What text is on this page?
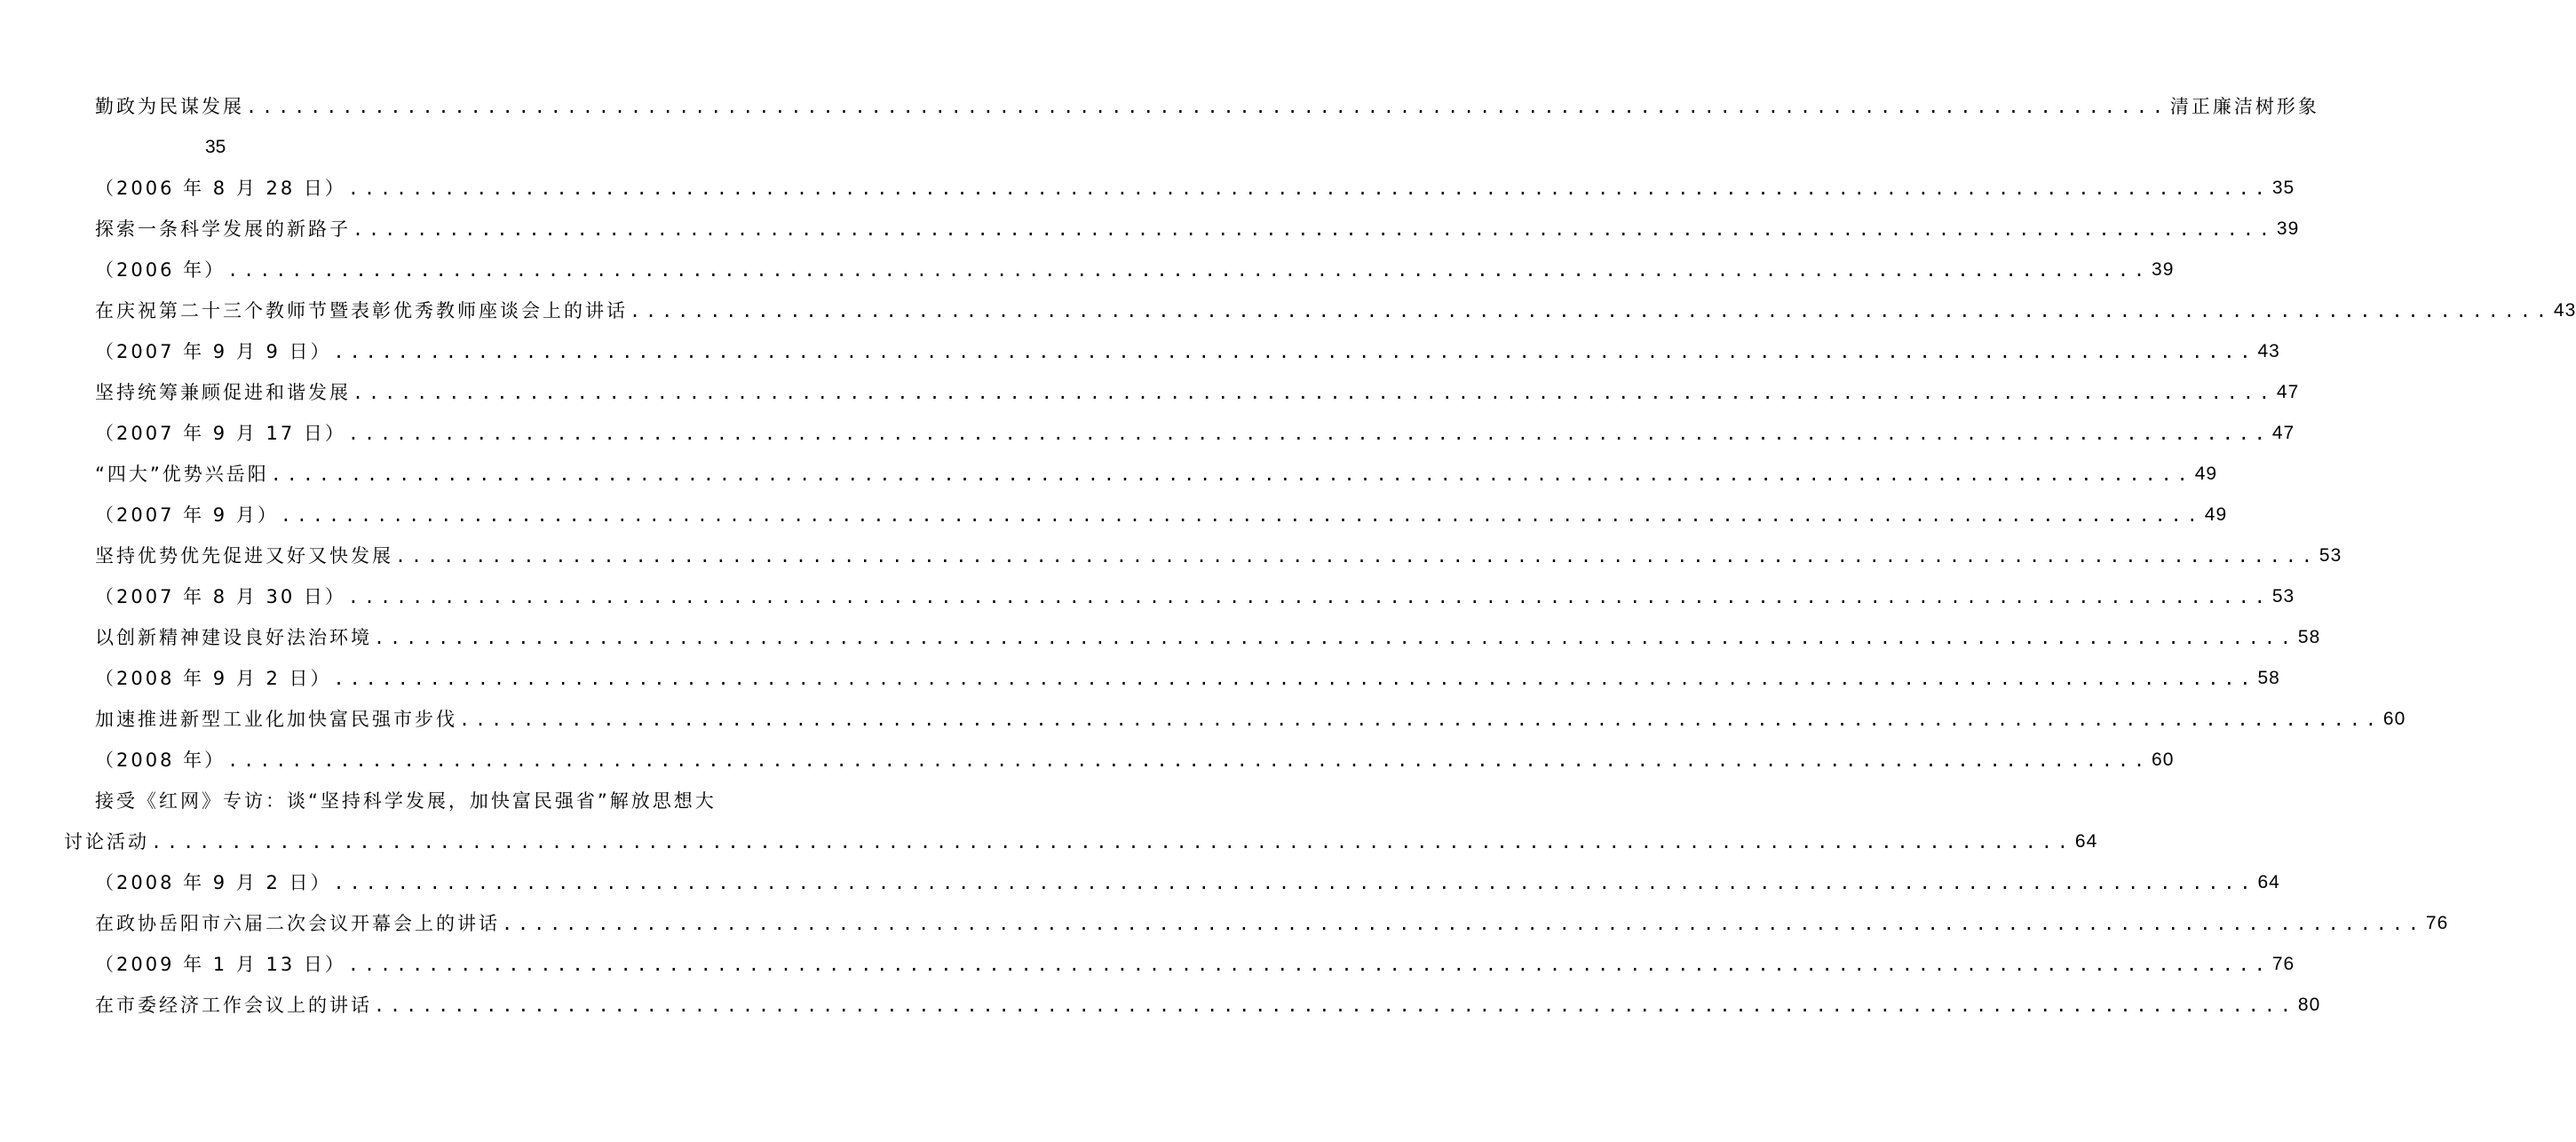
勤政为民谋发展 ........................................................................................................................ 清正廉洁树形象
35
（2006 年 8 月 28 日） ........................................................................................................................ 35
探索一条科学发展的新路子 ........................................................................................................................ 39
（2006 年） ........................................................................................................................ 39
在庆祝第二十三个教师节暨表彰优秀教师座谈会上的讲话 ........................................................................................................................ 43
（2007 年 9 月 9 日） ........................................................................................................................ 43
坚持统筹兼顾促进和谐发展 ........................................................................................................................ 47
（2007 年 9 月 17 日） ........................................................................................................................ 47
“四大”优势兴岳阳 ........................................................................................................................ 49
（2007 年 9 月） ........................................................................................................................ 49
坚持优势优先促进又好又快发展 ........................................................................................................................ 53
（2007 年 8 月 30 日） ........................................................................................................................ 53
以创新精神建设良好法治环境 ........................................................................................................................ 58
（2008 年 9 月 2 日） ........................................................................................................................ 58
加速推进新型工业化加快富民强市步伐 ........................................................................................................................ 60
（2008 年） ........................................................................................................................ 60
接受《红网》专访：谈“坚持科学发展，加快富民强省”解放思想大
讨论活动 ........................................................................................................................ 64
（2008 年 9 月 2 日） ........................................................................................................................ 64
在政协岳阳市六届二次会议开幕会上的讲话 ........................................................................................................................ 76
（2009 年 1 月 13 日） ........................................................................................................................ 76
在市委经济工作会议上的讲话 ........................................................................................................................ 80
